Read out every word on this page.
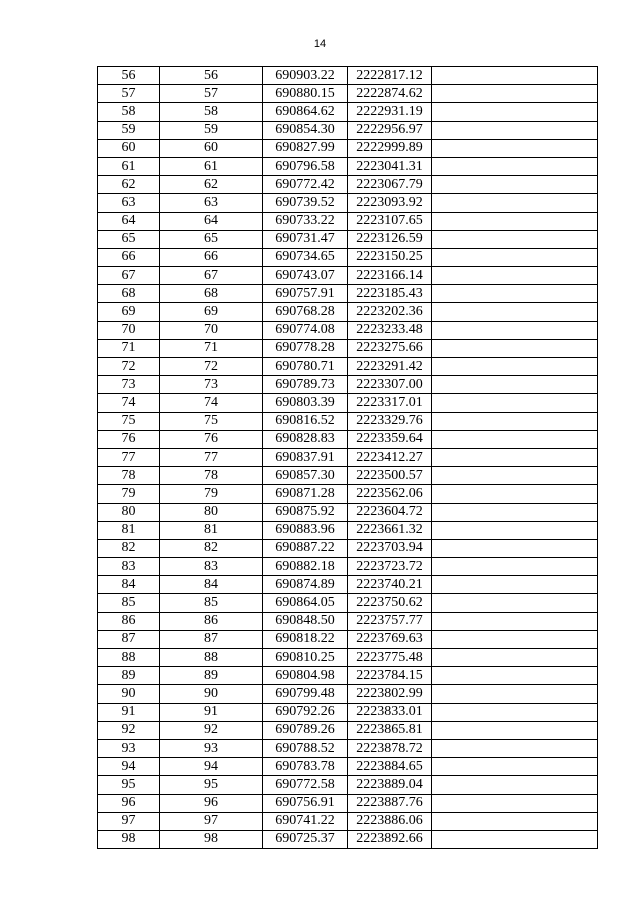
14
56	56	690903.22	2222817.12	
57	57	690880.15	2222874.62	
58	58	690864.62	2222931.19	
59	59	690854.30	2222956.97	
60	60	690827.99	2222999.89	
61	61	690796.58	2223041.31	
62	62	690772.42	2223067.79	
63	63	690739.52	2223093.92	
64	64	690733.22	2223107.65	
65	65	690731.47	2223126.59	
66	66	690734.65	2223150.25	
67	67	690743.07	2223166.14	
68	68	690757.91	2223185.43	
69	69	690768.28	2223202.36	
70	70	690774.08	2223233.48	
71	71	690778.28	2223275.66	
72	72	690780.71	2223291.42	
73	73	690789.73	2223307.00	
74	74	690803.39	2223317.01	
75	75	690816.52	2223329.76	
76	76	690828.83	2223359.64	
77	77	690837.91	2223412.27	
78	78	690857.30	2223500.57	
79	79	690871.28	2223562.06	
80	80	690875.92	2223604.72	
81	81	690883.96	2223661.32	
82	82	690887.22	2223703.94	
83	83	690882.18	2223723.72	
84	84	690874.89	2223740.21	
85	85	690864.05	2223750.62	
86	86	690848.50	2223757.77	
87	87	690818.22	2223769.63	
88	88	690810.25	2223775.48	
89	89	690804.98	2223784.15	
90	90	690799.48	2223802.99	
91	91	690792.26	2223833.01	
92	92	690789.26	2223865.81	
93	93	690788.52	2223878.72	
94	94	690783.78	2223884.65	
95	95	690772.58	2223889.04	
96	96	690756.91	2223887.76	
97	97	690741.22	2223886.06	
98	98	690725.37	2223892.66	
